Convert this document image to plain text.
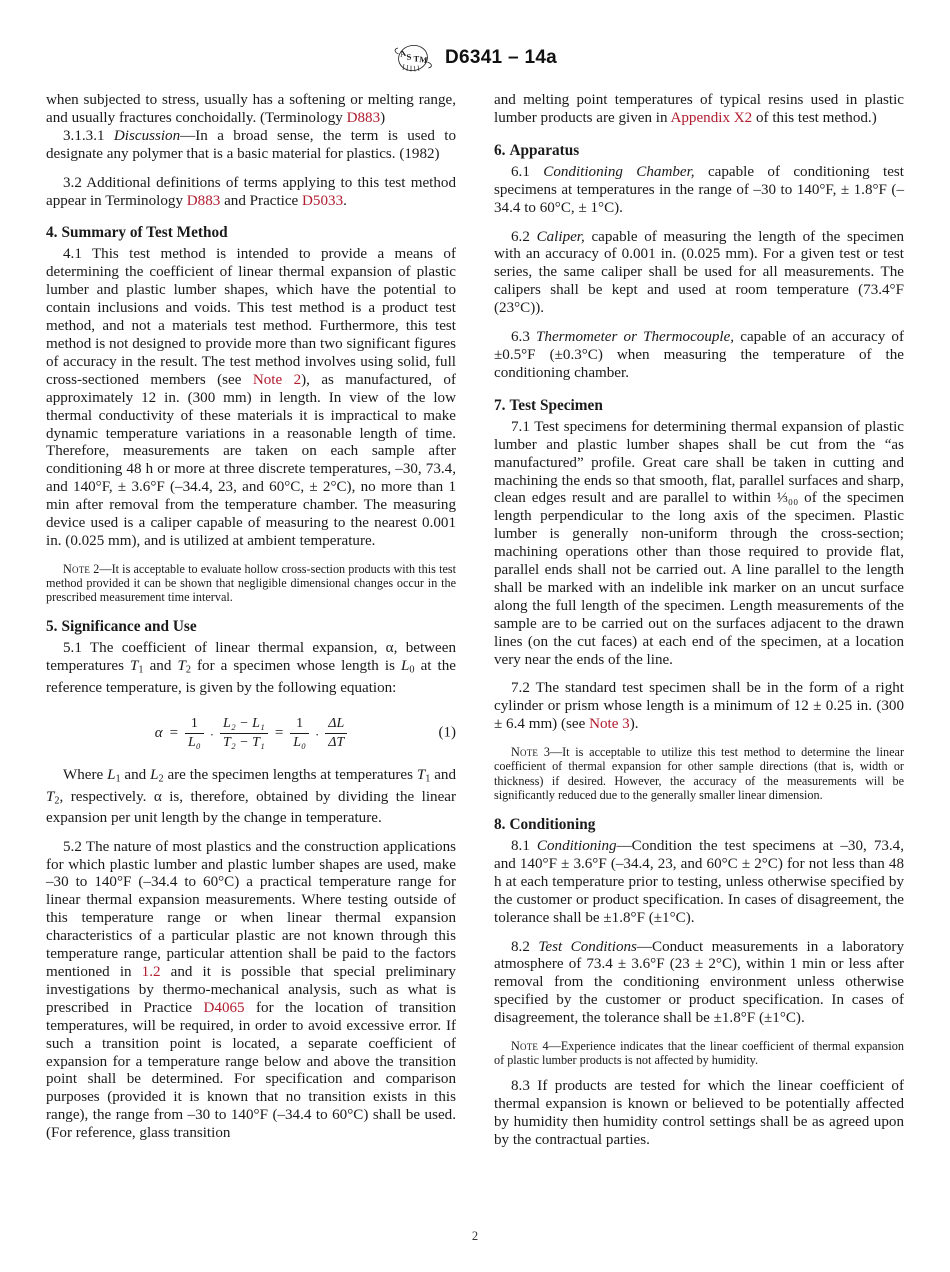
A
S T M D6341 – 14a

when subjected to stress, usually has a softening or melting range, and usually fractures conchoidally. (Terminology D883)

3.1.3.1 Discussion—In a broad sense, the term is used to designate any polymer that is a basic material for plastics. (1982)

3.2 Additional definitions of terms applying to this test method appear in Terminology D883 and Practice D5033.

4. Summary of Test Method

4.1 This test method is intended to provide a means of determining the coefficient of linear thermal expansion of plastic lumber and plastic lumber shapes, which have the potential to contain inclusions and voids. This test method is a product test method, and not a materials test method. Furthermore, this test method is not designed to provide more than two significant figures of accuracy in the result. The test method involves using solid, full cross-sectioned members (see Note 2), as manufactured, of approximately 12 in. (300 mm) in length. In view of the low thermal conductivity of these materials it is impractical to make dynamic temperature variations in a reasonable length of time. Therefore, measurements are taken on each sample after conditioning 48 h or more at three discrete temperatures, –30, 73.4, and 140°F, ± 3.6°F (–34.4, 23, and 60°C, ± 2°C), no more than 1 min after removal from the temperature chamber. The measuring device used is a caliper capable of measuring to the nearest 0.001 in. (0.025 mm), and is utilized at ambient temperature.

Note 2—It is acceptable to evaluate hollow cross-section products with this test method provided it can be shown that negligible dimensional changes occur in the prescribed measurement time interval.

5. Significance and Use

5.1 The coefficient of linear thermal expansion, α, between temperatures $T_1$ and $T_2$ for a specimen whose length is $L_0$ at the reference temperature, is given by the following equation:

$\alpha = \frac{1}{\text{L₀}} \cdot \frac{\text{L₂ − L₁}}{\text{T₂ − T₁}} = \frac{1}{\text{L₀}} \cdot \frac{\Delta L}{\Delta T}$	(1)

Where $L_1$ and $L_2$ are the specimen lengths at temperatures $T_1$ and $T_2$, respectively. α is, therefore, obtained by dividing the linear expansion per unit length by the change in temperature.

5.2 The nature of most plastics and the construction applications for which plastic lumber and plastic lumber shapes are used, make –30 to 140°F (–34.4 to 60°C) a practical temperature range for linear thermal expansion measurements. Where testing outside of this temperature range or when linear thermal expansion characteristics of a particular plastic are not known through this temperature range, particular attention shall be paid to the factors mentioned in 1.2 and it is possible that special preliminary investigations by thermo-mechanical analysis, such as what is prescribed in Practice D4065 for the location of transition temperatures, will be required, in order to avoid excessive error. If such a transition point is located, a separate coefficient of expansion for a temperature range below and above the transition point shall be determined. For specification and comparison purposes (provided it is known that no transition exists in this range), the range from –30 to 140°F (–34.4 to 60°C) shall be used. (For reference, glass transition

and melting point temperatures of typical resins used in plastic lumber products are given in Appendix X2 of this test method.)

6. Apparatus

6.1 Conditioning Chamber, capable of conditioning test specimens at temperatures in the range of –30 to 140°F, ± 1.8°F (–34.4 to 60°C, ± 1°C).

6.2 Caliper, capable of measuring the length of the specimen with an accuracy of 0.001 in. (0.025 mm). For a given test or test series, the same caliper shall be used for all measurements. The calipers shall be kept and used at room temperature (73.4°F (23°C)).

6.3 Thermometer or Thermocouple, capable of an accuracy of ±0.5°F (±0.3°C) when measuring the temperature of the conditioning chamber.

7. Test Specimen

7.1 Test specimens for determining thermal expansion of plastic lumber and plastic lumber shapes shall be cut from the “as manufactured” profile. Great care shall be taken in cutting and machining the ends so that smooth, flat, parallel surfaces and sharp, clean edges result and are parallel to within ⅓₀₀ of the specimen length perpendicular to the long axis of the specimen. Plastic lumber is generally non-uniform through the cross-section; machining operations other than those required to provide flat, parallel ends shall not be carried out. A line parallel to the length shall be marked with an indelible ink marker on an uncut surface along the full length of the specimen. Length measurements of the sample are to be carried out on the surfaces adjacent to the drawn lines (on the cut faces) at each end of the specimen, at a location very near the ends of the line.

7.2 The standard test specimen shall be in the form of a right cylinder or prism whose length is a minimum of 12 ± 0.25 in. (300 ± 6.4 mm) (see Note 3).

Note 3—It is acceptable to utilize this test method to determine the linear coefficient of thermal expansion for other sample directions (that is, width or thickness) if desired. However, the accuracy of the measurements will be significantly reduced due to the generally smaller linear dimension.

8. Conditioning

8.1 Conditioning—Condition the test specimens at –30, 73.4, and 140°F ± 3.6°F (–34.4, 23, and 60°C ± 2°C) for not less than 48 h at each temperature prior to testing, unless otherwise specified by the customer or product specification. In cases of disagreement, the tolerance shall be ±1.8°F (±1°C).

8.2 Test Conditions—Conduct measurements in a laboratory atmosphere of 73.4 ± 3.6°F (23 ± 2°C), within 1 min or less after removal from the conditioning environment unless otherwise specified by the customer or product specification. In cases of disagreement, the tolerance shall be ±1.8°F (±1°C).

Note 4—Experience indicates that the linear coefficient of thermal expansion of plastic lumber products is not affected by humidity.

8.3 If products are tested for which the linear coefficient of thermal expansion is known or believed to be potentially affected by humidity then humidity control settings shall be as agreed upon by the contractual parties.

2
